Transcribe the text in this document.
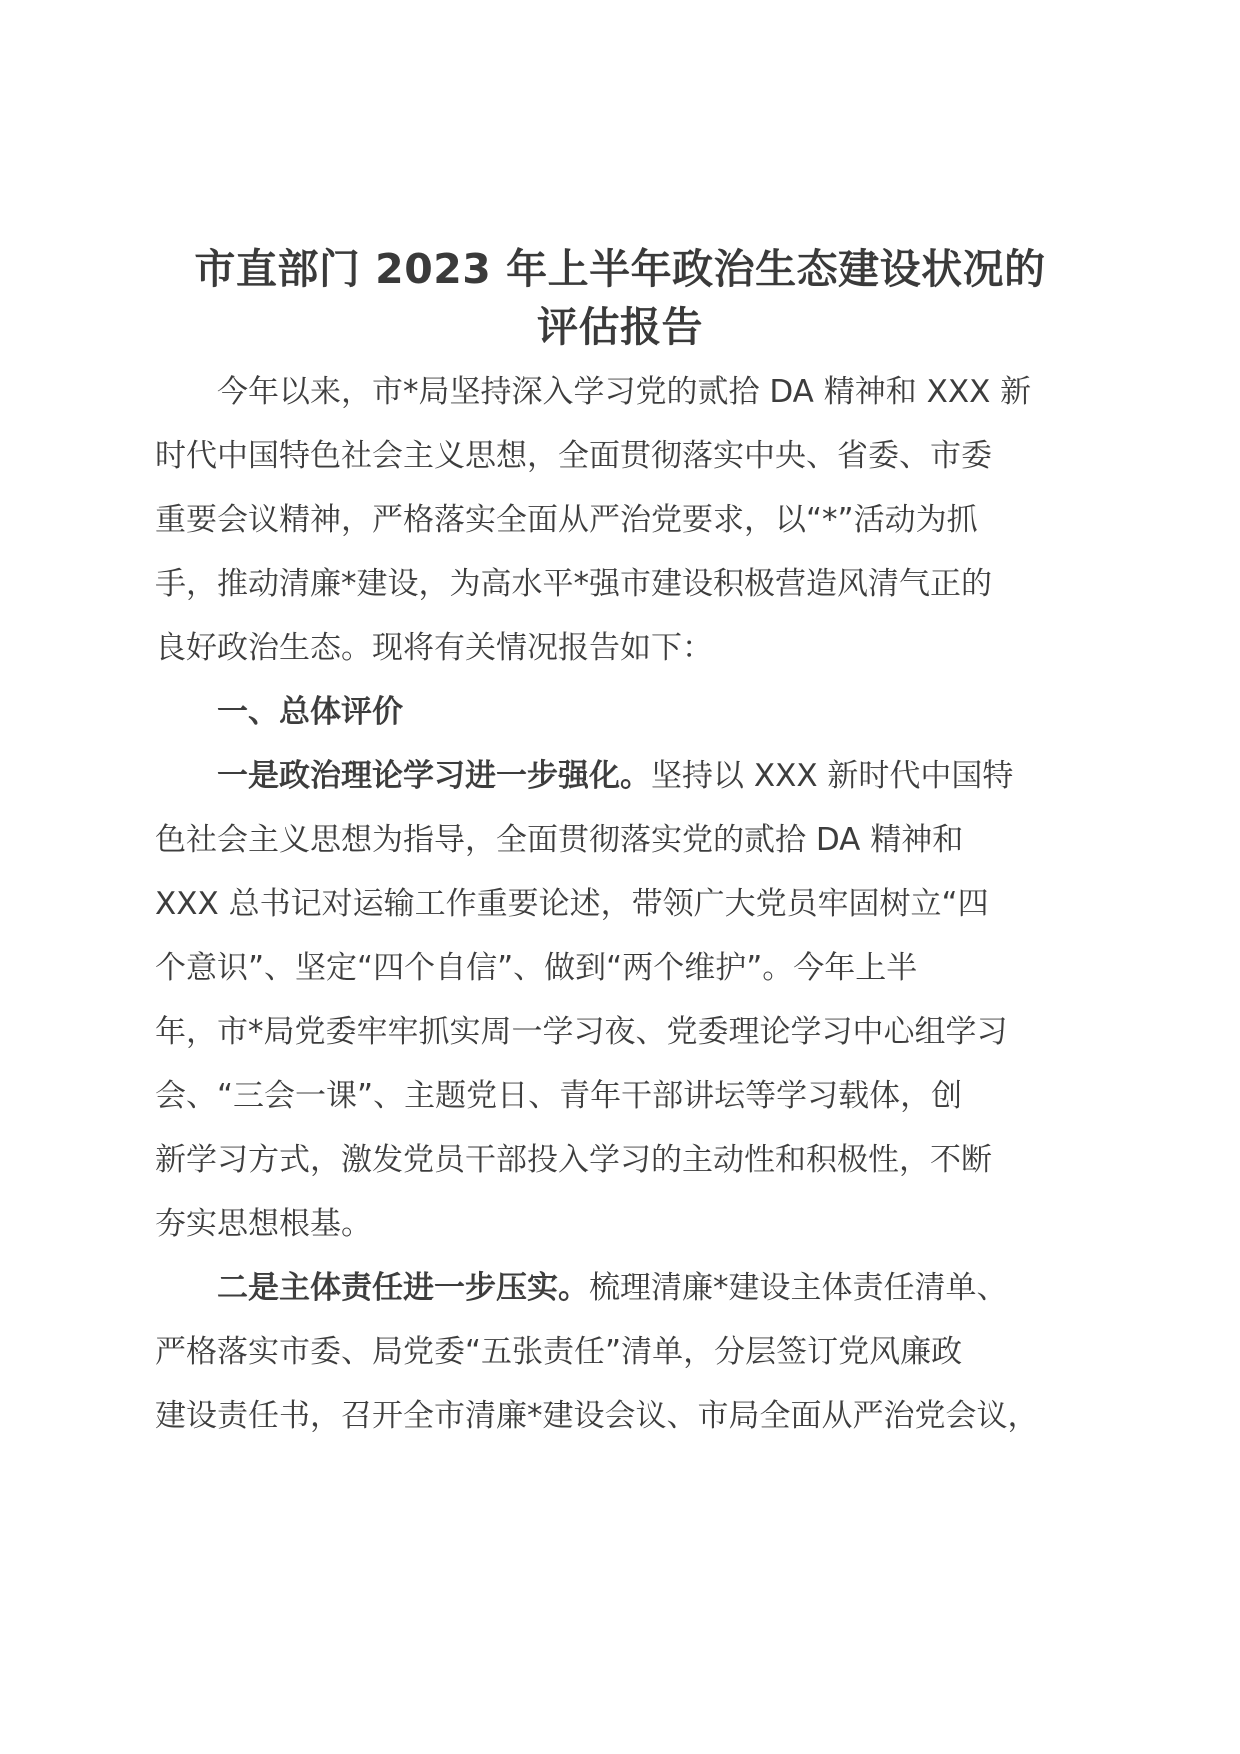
市直部门 2023 年上半年政治生态建设状况的
评估报告

今年以来，市*局坚持深入学习党的贰拾 DA 精神和 XXX 新
时代中国特色社会主义思想，全面贯彻落实中央、省委、市委
重要会议精神，严格落实全面从严治党要求，以“*”活动为抓
手，推动清廉*建设，为高水平*强市建设积极营造风清气正的
良好政治生态。现将有关情况报告如下：

一、总体评价

一是政治理论学习进一步强化。坚持以 XXX 新时代中国特
色社会主义思想为指导，全面贯彻落实党的贰拾 DA 精神和
XXX 总书记对运输工作重要论述，带领广大党员牢固树立“四
个意识”、坚定“四个自信”、做到“两个维护”。今年上半
年，市*局党委牢牢抓实周一学习夜、党委理论学习中心组学习
会、“三会一课”、主题党日、青年干部讲坛等学习载体，创
新学习方式，激发党员干部投入学习的主动性和积极性，不断
夯实思想根基。

二是主体责任进一步压实。梳理清廉*建设主体责任清单、
严格落实市委、局党委“五张责任”清单，分层签订党风廉政
建设责任书，召开全市清廉*建设会议、市局全面从严治党会议，
